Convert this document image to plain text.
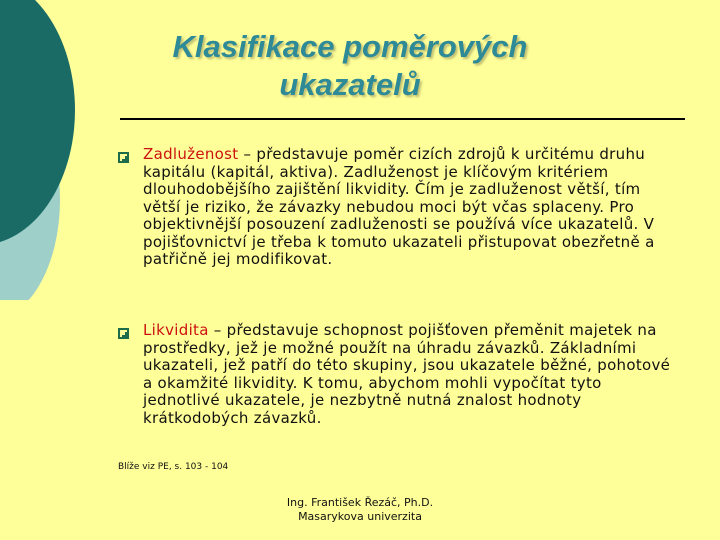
Klasifikace poměrových
ukazatelů

Zadluženost – představuje poměr cizích zdrojů k určitému druhu kapitálu (kapitál, aktiva). Zadluženost je klíčovým kritériem dlouhodobějšího zajištění likvidity. Čím je zadluženost větší, tím větší je riziko, že závazky nebudou moci být včas splaceny. Pro objektivnější posouzení zadluženosti se používá více ukazatelů. V pojišťovnictví je třeba k tomuto ukazateli přistupovat obezřetně a patřičně jej modifikovat.

Likvidita – představuje schopnost pojišťoven přeměnit majetek na prostředky, jež je možné použít na úhradu závazků. Základními ukazateli, jež patří do této skupiny, jsou ukazatele běžné, pohotové a okamžité likvidity. K tomu, abychom mohli vypočítat tyto jednotlivé ukazatele, je nezbytně nutná znalost hodnoty krátkodobých závazků.

Blíže viz PE, s. 103 - 104
Ing. František Řezáč, Ph.D.
Masarykova univerzita
